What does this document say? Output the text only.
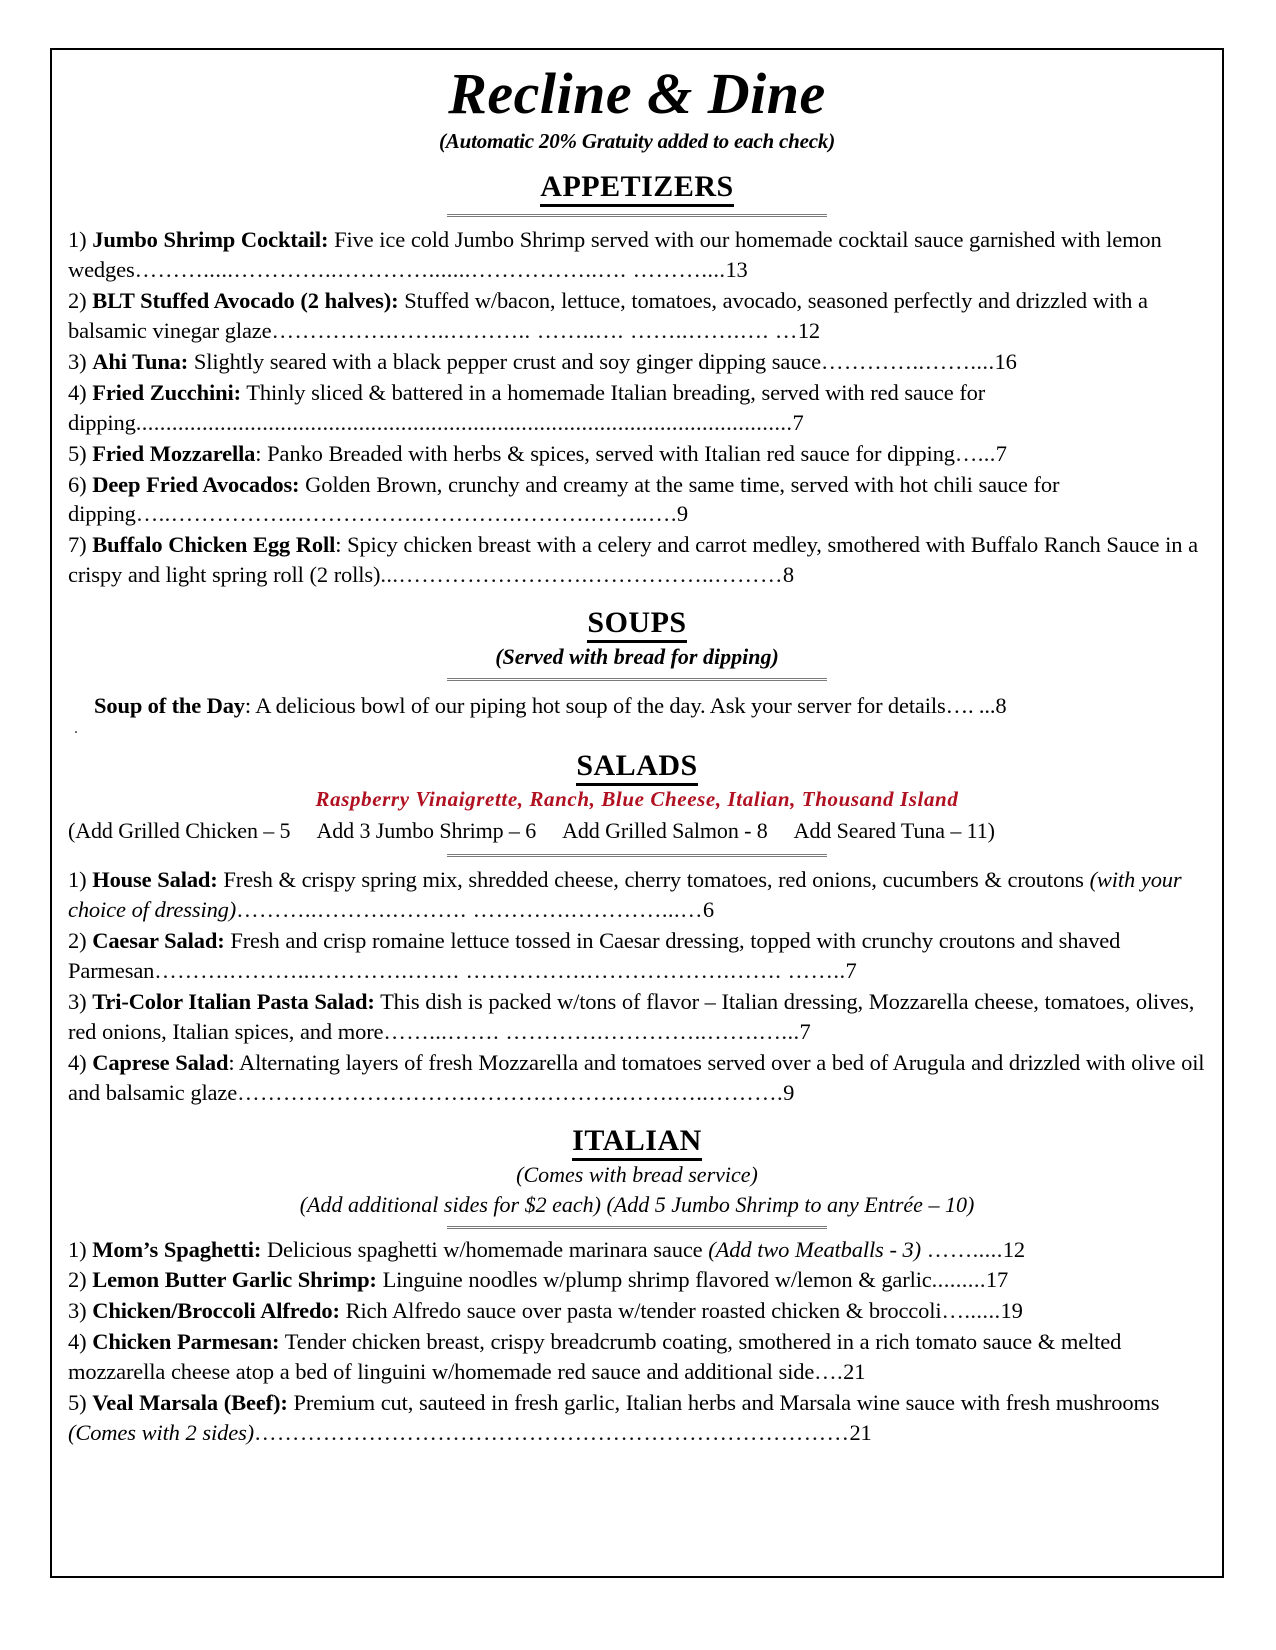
Recline & Dine
(Automatic 20% Gratuity added to each check)
APPETIZERS
1) Jumbo Shrimp Cocktail: Five ice cold Jumbo Shrimp served with our homemade cocktail sauce garnished with lemon wedges……….....…………..………….......……………..…. ………....13
2) BLT Stuffed Avocado (2 halves): Stuffed w/bacon, lettuce, tomatoes, avocado, seasoned perfectly and drizzled with a balsamic vinegar glaze…………….……..……….. ……..…. ……..…….…. …12
3) Ahi Tuna: Slightly seared with a black pepper crust and soy ginger dipping sauce…………..……....16
4) Fried Zucchini: Thinly sliced & battered in a homemade Italian breading, served with red sauce for dipping.............................................................................................................7
5) Fried Mozzarella: Panko Breaded with herbs & spices, served with Italian red sauce for dipping…...7
6) Deep Fried Avocados: Golden Brown, crunchy and creamy at the same time, served with hot chili sauce for dipping…..……………..…………….………….……….……..….9
7) Buffalo Chicken Egg Roll: Spicy chicken breast with a celery and carrot medley, smothered with Buffalo Ranch Sauce in a crispy and light spring roll (2 rolls)...…………………….……………..………8
SOUPS
(Served with bread for dipping)
Soup of the Day: A delicious bowl of our piping hot soup of the day. Ask your server for details…. ...8
.
SALADS
Raspberry Vinaigrette, Ranch, Blue Cheese, Italian, Thousand Island
(Add Grilled Chicken – 5 Add 3 Jumbo Shrimp – 6 Add Grilled Salmon - 8 Add Seared Tuna – 11)
1) House Salad: Fresh & crispy spring mix, shredded cheese, cherry tomatoes, red onions, cucumbers & croutons (with your choice of dressing)………..……….………. ………….…………...…6
2) Caesar Salad: Fresh and crisp romaine lettuce tossed in Caesar dressing, topped with crunchy croutons and shaved Parmesan……….………..………….……. …………….……………….……. ……..7
3) Tri-Color Italian Pasta Salad: This dish is packed w/tons of flavor – Italian dressing, Mozzarella cheese, tomatoes, olives, red onions, Italian spices, and more……...……. ………….…………..…….…...7
4) Caprese Salad: Alternating layers of fresh Mozzarella and tomatoes served over a bed of Arugula and drizzled with olive oil and balsamic glaze………………………….……….……….…….…..……….9
ITALIAN
(Comes with bread service)
(Add additional sides for $2 each) (Add 5 Jumbo Shrimp to any Entrée – 10)
1) Mom’s Spaghetti: Delicious spaghetti w/homemade marinara sauce (Add two Meatballs - 3) …….....12
2) Lemon Butter Garlic Shrimp: Linguine noodles w/plump shrimp flavored w/lemon & garlic.........17
3) Chicken/Broccoli Alfredo: Rich Alfredo sauce over pasta w/tender roasted chicken & broccoli…......19
4) Chicken Parmesan: Tender chicken breast, crispy breadcrumb coating, smothered in a rich tomato sauce & melted mozzarella cheese atop a bed of linguini w/homemade red sauce and additional side….21
5) Veal Marsala (Beef): Premium cut, sauteed in fresh garlic, Italian herbs and Marsala wine sauce with fresh mushrooms (Comes with 2 sides)……………………………………………………………………21
